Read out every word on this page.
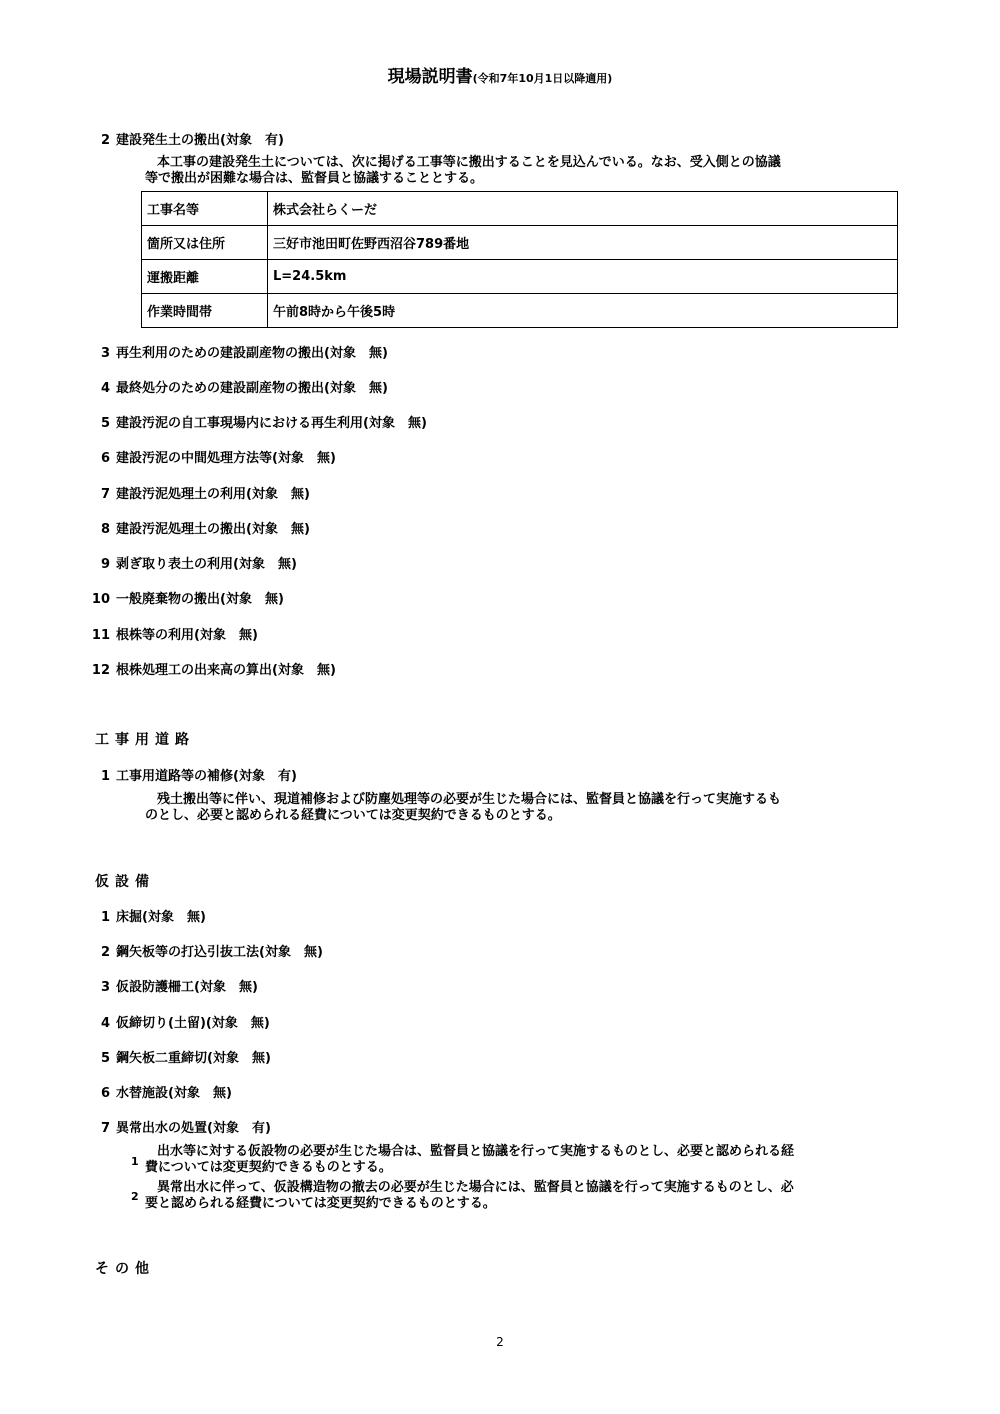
現場説明書(令和7年10月1日以降適用)
2 建設発生土の搬出(対象　有)
本工事の建設発生土については、次に掲げる工事等に搬出することを見込んでいる。なお、受入側との協議
等で搬出が困難な場合は、監督員と協議することとする。
工事名等	株式会社らくーだ
箇所又は住所	三好市池田町佐野西沼谷789番地
運搬距離	L=24.5km
作業時間帯	午前8時から午後5時
3 再生利用のための建設副産物の搬出(対象　無)
4 最終処分のための建設副産物の搬出(対象　無)
5 建設汚泥の自工事現場内における再生利用(対象　無)
6 建設汚泥の中間処理方法等(対象　無)
7 建設汚泥処理土の利用(対象　無)
8 建設汚泥処理土の搬出(対象　無)
9 剥ぎ取り表土の利用(対象　無)
10 一般廃棄物の搬出(対象　無)
11 根株等の利用(対象　無)
12 根株処理工の出来高の算出(対象　無)
工事用道路
1 工事用道路等の補修(対象　有)
残土搬出等に伴い、現道補修および防塵処理等の必要が生じた場合には、監督員と協議を行って実施するも
のとし、必要と認められる経費については変更契約できるものとする。
仮設備
1 床掘(対象　無)
2 鋼矢板等の打込引抜工法(対象　無)
3 仮設防護柵工(対象　無)
4 仮締切り(土留)(対象　無)
5 鋼矢板二重締切(対象　無)
6 水替施設(対象　無)
7 異常出水の処置(対象　有)
1
出水等に対する仮設物の必要が生じた場合は、監督員と協議を行って実施するものとし、必要と認められる経
費については変更契約できるものとする。
2
異常出水に伴って、仮設構造物の撤去の必要が生じた場合には、監督員と協議を行って実施するものとし、必
要と認められる経費については変更契約できるものとする。
その他
2
